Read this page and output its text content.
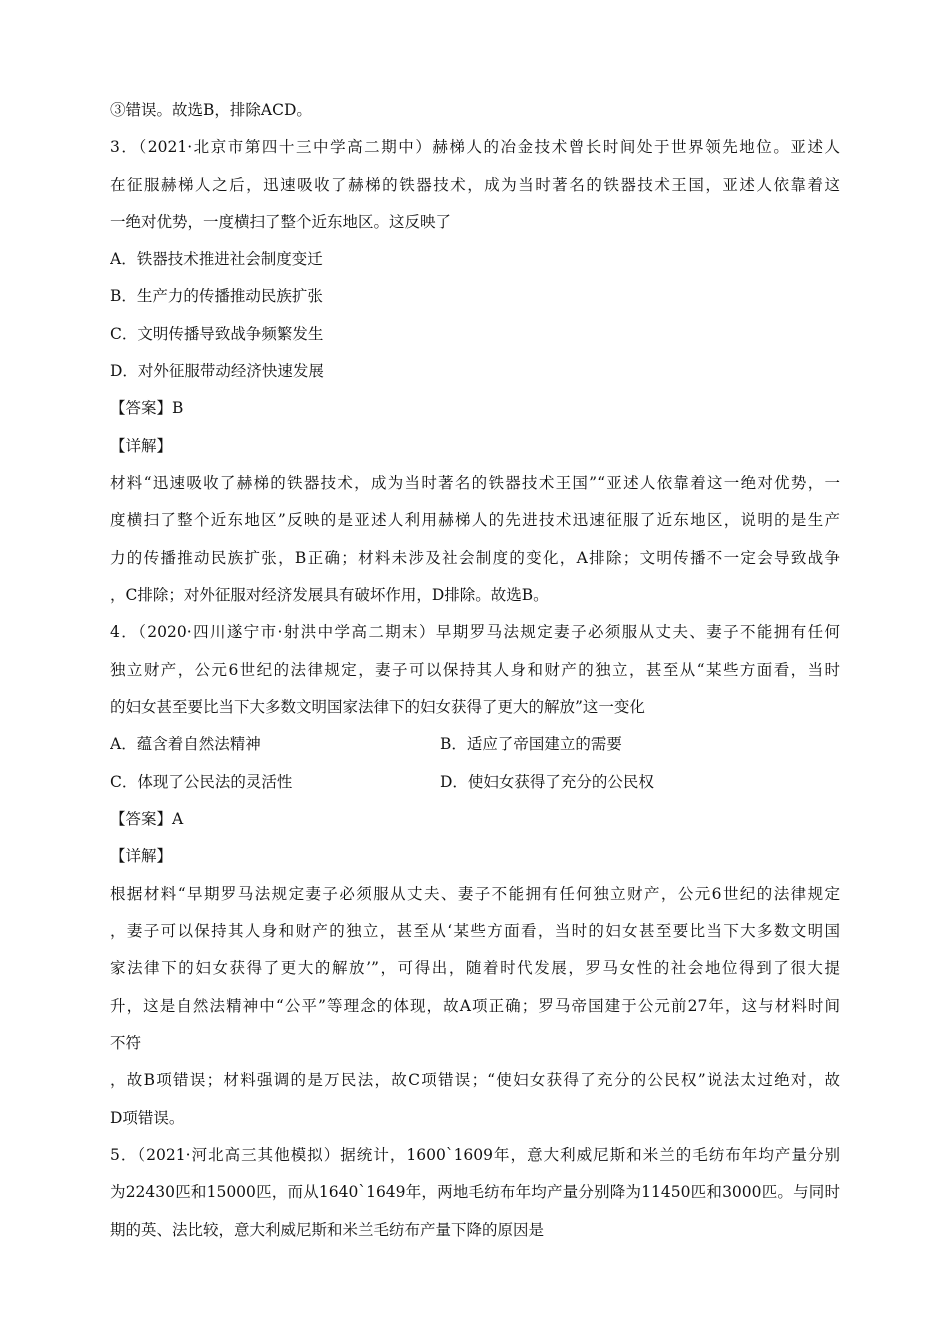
③错误。故选B，排除ACD。
3．（2021·北京市第四十三中学高二期中）赫梯人的冶金技术曾长时间处于世界领先地位。亚述人
在征服赫梯人之后，迅速吸收了赫梯的铁器技术，成为当时著名的铁器技术王国，亚述人依靠着这
一绝对优势，一度横扫了整个近东地区。这反映了
A．铁器技术推进社会制度变迁
B．生产力的传播推动民族扩张
C．文明传播导致战争频繁发生
D．对外征服带动经济快速发展
【答案】B
【详解】
材料“迅速吸收了赫梯的铁器技术，成为当时著名的铁器技术王国”“亚述人依靠着这一绝对优势，一
度横扫了整个近东地区”反映的是亚述人利用赫梯人的先进技术迅速征服了近东地区，说明的是生产
力的传播推动民族扩张，B正确；材料未涉及社会制度的变化，A排除；文明传播不一定会导致战争
，C排除；对外征服对经济发展具有破坏作用，D排除。故选B。
4．（2020·四川遂宁市·射洪中学高二期末）早期罗马法规定妻子必须服从丈夫、妻子不能拥有任何
独立财产，公元6世纪的法律规定，妻子可以保持其人身和财产的独立，甚至从“某些方面看，当时
的妇女甚至要比当下大多数文明国家法律下的妇女获得了更大的解放”这一变化
A．蕴含着自然法精神	B．适应了帝国建立的需要
C．体现了公民法的灵活性	D．使妇女获得了充分的公民权
【答案】A
【详解】
根据材料“早期罗马法规定妻子必须服从丈夫、妻子不能拥有任何独立财产，公元6世纪的法律规定
，妻子可以保持其人身和财产的独立，甚至从‘某些方面看，当时的妇女甚至要比当下大多数文明国
家法律下的妇女获得了更大的解放’”，可得出，随着时代发展，罗马女性的社会地位得到了很大提
升，这是自然法精神中“公平”等理念的体现，故A项正确；罗马帝国建于公元前27年，这与材料时间
不符
，故B项错误；材料强调的是万民法，故C项错误；“使妇女获得了充分的公民权”说法太过绝对，故
D项错误。
5．（2021·河北高三其他模拟）据统计，1600`1609年，意大利威尼斯和米兰的毛纺布年均产量分别
为22430匹和15000匹，而从1640`1649年，两地毛纺布年均产量分别降为11450匹和3000匹。与同时
期的英、法比较，意大利威尼斯和米兰毛纺布产量下降的原因是
